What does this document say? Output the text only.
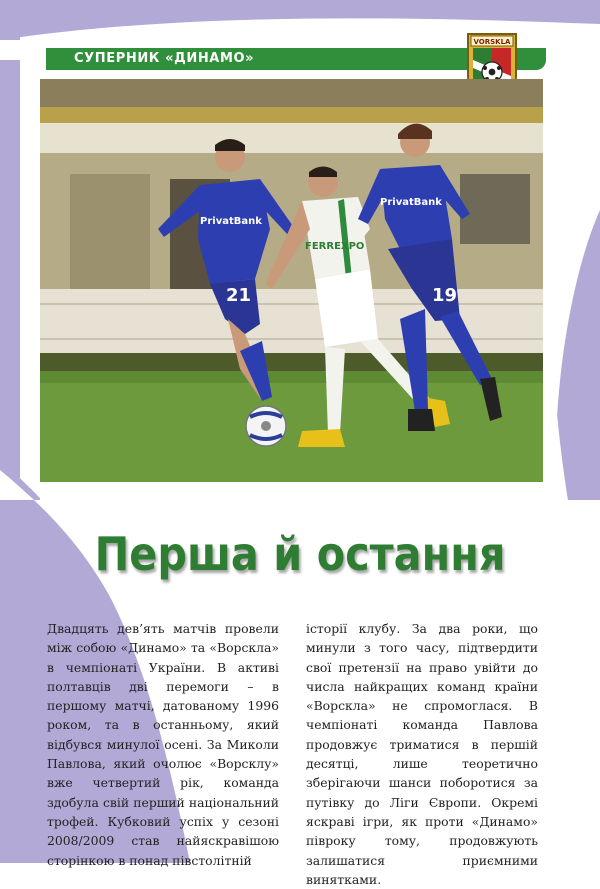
СУПЕРНИК «ДИНАМО»
VORSKLA
21
PrivatBank
FERREXPO
19
PrivatBank
Перша й остання

Двадцять дев’ять матчів провели між собою «Динамо» та «Ворскла» в чемпіонаті України. В активі полтавців дві перемоги – в першому матчі, датованому 1996 роком, та в останньому, який відбувся минулої осені. За Миколи Павлова, який очолює «Ворсклу» вже четвертий рік, команда здобула свій перший національний трофей. Кубковий успіх у сезоні 2008/2009 став найяскравішою сторінкою в понад півстолітній

історії клубу. За два роки, що минули з того часу, підтвердити свої претензії на право увійти до числа найкращих команд країни «Ворскла» не спромоглася. В чемпіонаті команда Павлова продовжує триматися в першій десятці, лише теоретично зберігаючи шанси поборотися за путівку до Ліги Європи. Окремі яскраві ігри, як проти «Динамо» півроку тому, продовжують залишатися приємними винятками.
